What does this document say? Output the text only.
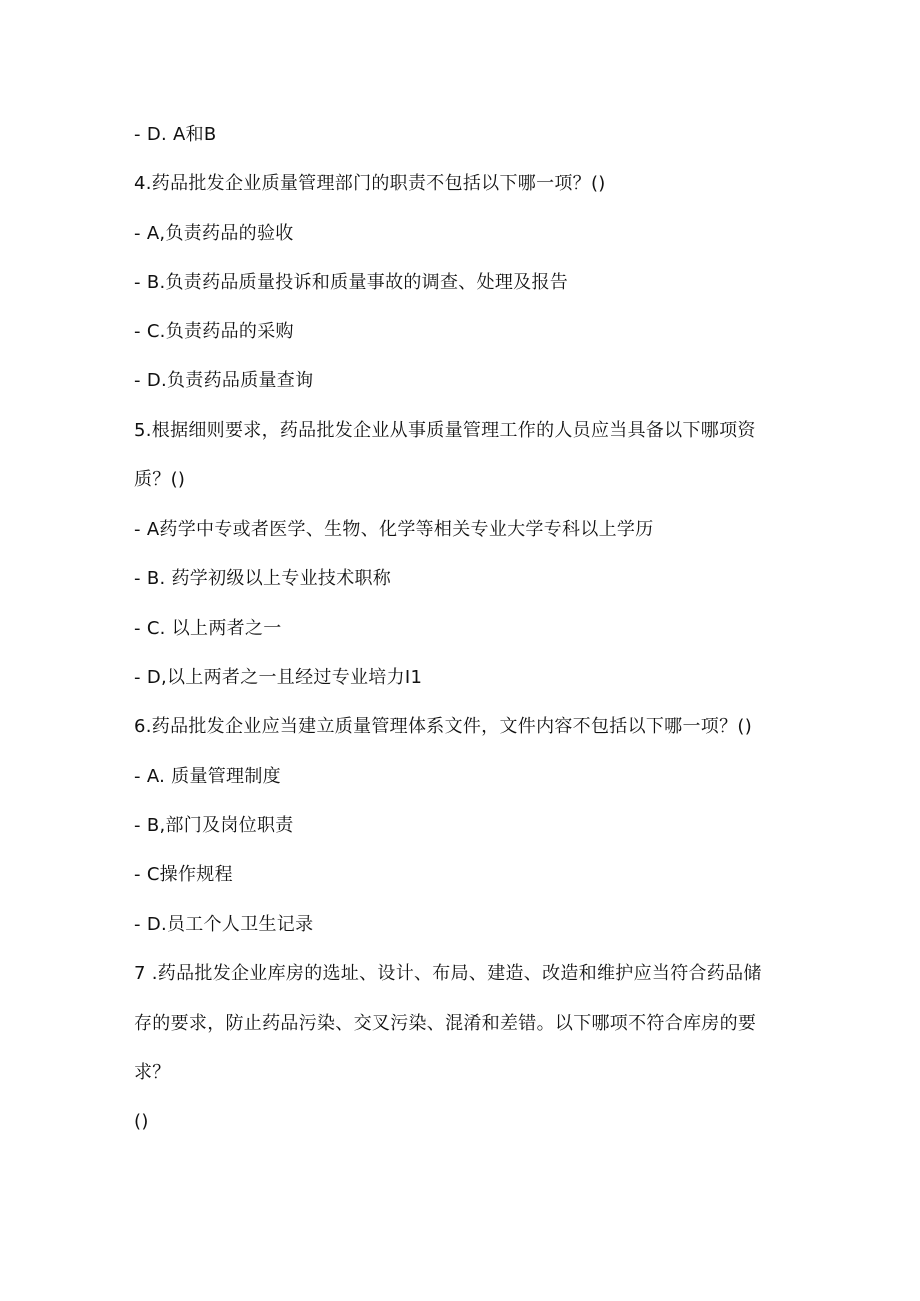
- D. A和B
4.药品批发企业质量管理部门的职责不包括以下哪一项？()
- A,负责药品的验收
- B.负责药品质量投诉和质量事故的调查、处理及报告
- C.负责药品的采购
- D.负责药品质量查询
5.根据细则要求，药品批发企业从事质量管理工作的人员应当具备以下哪项资
质？()
- A药学中专或者医学、生物、化学等相关专业大学专科以上学历
- B. 药学初级以上专业技术职称
- C. 以上两者之一
- D,以上两者之一且经过专业培力I1
6.药品批发企业应当建立质量管理体系文件，文件内容不包括以下哪一项？()
- A. 质量管理制度
- B,部门及岗位职责
- C操作规程
- D.员工个人卫生记录
7 .药品批发企业库房的选址、设计、布局、建造、改造和维护应当符合药品储
存的要求，防止药品污染、交叉污染、混淆和差错。以下哪项不符合库房的要
求？
()
